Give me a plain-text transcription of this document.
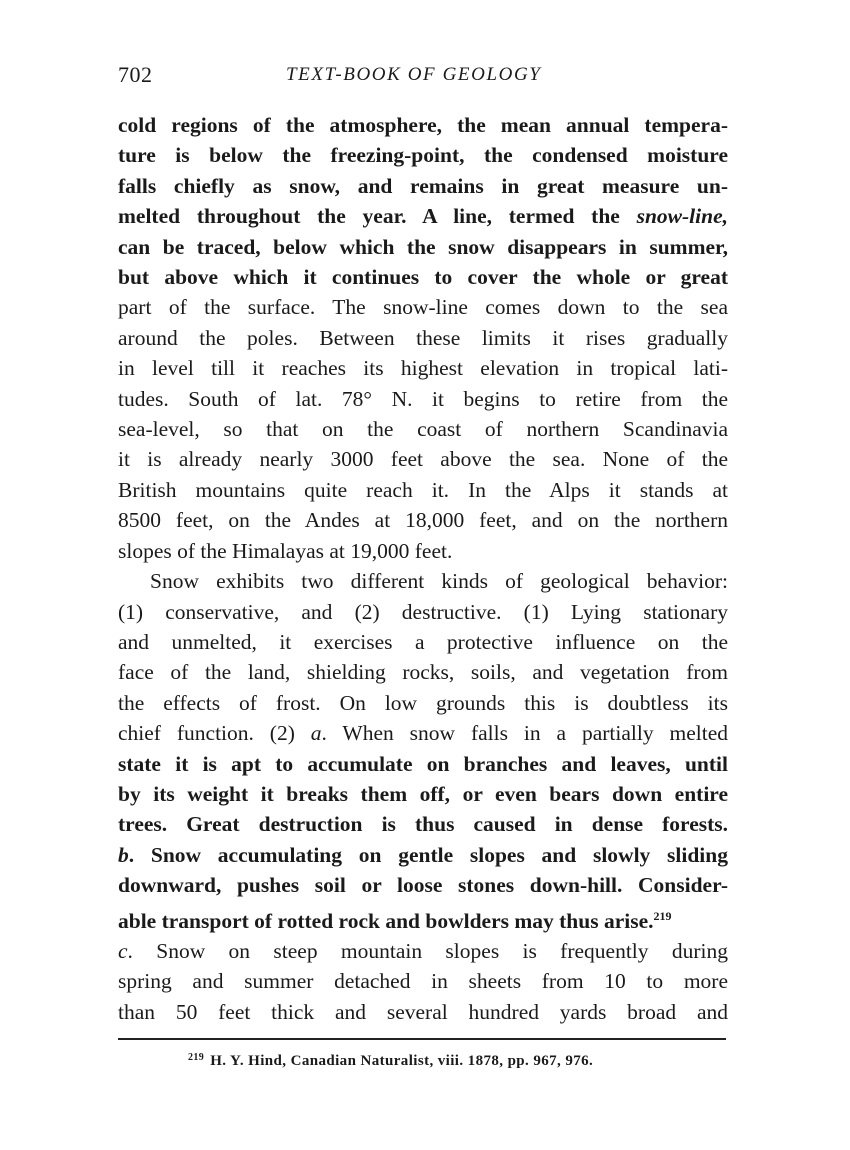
702	TEXT-BOOK OF GEOLOGY
cold regions of the atmosphere, the mean annual tempera-
ture is below the freezing-point, the condensed moisture
falls chiefly as snow, and remains in great measure un-
melted throughout the year. A line, termed the snow-line,
can be traced, below which the snow disappears in summer,
but above which it continues to cover the whole or great
part of the surface. The snow-line comes down to the sea
around the poles. Between these limits it rises gradually
in level till it reaches its highest elevation in tropical lati-
tudes. South of lat. 78° N. it begins to retire from the
sea-level, so that on the coast of northern Scandinavia
it is already nearly 3000 feet above the sea. None of the
British mountains quite reach it. In the Alps it stands at
8500 feet, on the Andes at 18,000 feet, and on the northern
slopes of the Himalayas at 19,000 feet.
Snow exhibits two different kinds of geological behavior:
(1) conservative, and (2) destructive. (1) Lying stationary
and unmelted, it exercises a protective influence on the
face of the land, shielding rocks, soils, and vegetation from
the effects of frost. On low grounds this is doubtless its
chief function. (2) a. When snow falls in a partially melted
state it is apt to accumulate on branches and leaves, until
by its weight it breaks them off, or even bears down entire
trees. Great destruction is thus caused in dense forests.
b. Snow accumulating on gentle slopes and slowly sliding
downward, pushes soil or loose stones down-hill. Consider-
able transport of rotted rock and bowlders may thus arise.$^{219}$
c. Snow on steep mountain slopes is frequently during
spring and summer detached in sheets from 10 to more
than 50 feet thick and several hundred yards broad and
$^{219}$ H. Y. Hind, Canadian Naturalist, viii. 1878, pp. 967, 976.
